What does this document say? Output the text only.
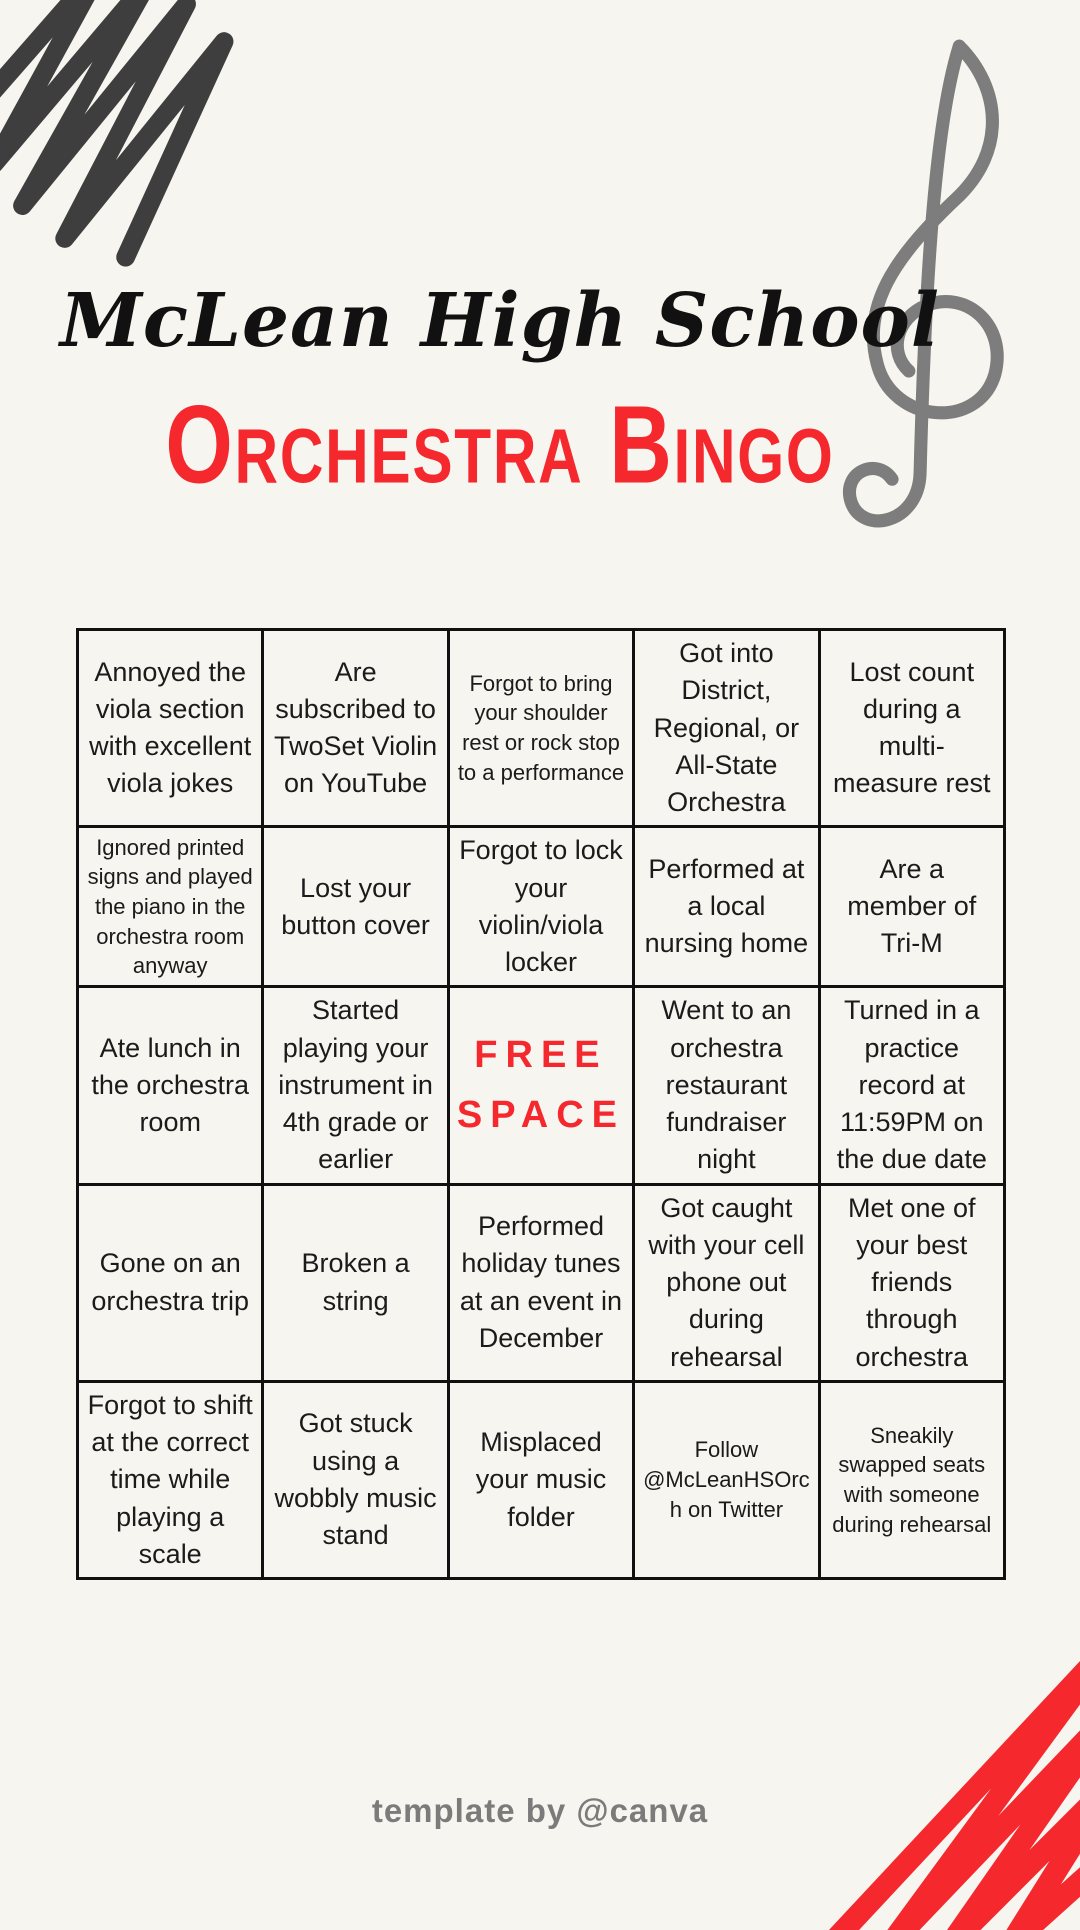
McLean High School
Orchestra Bingo
Annoyed the viola section with excellent viola jokes	Are subscribed to TwoSet Violin on YouTube	Forgot to bring your shoulder rest or rock stop to a performance	Got into District, Regional, or All-State Orchestra	Lost count during a multi-measure rest
Ignored printed signs and played the piano in the orchestra room anyway	Lost your button cover	Forgot to lock your violin/viola locker	Performed at a local nursing home	Are a member of Tri-M
Ate lunch in the orchestra room	Started playing your instrument in 4th grade or earlier	FREE SPACE	Went to an orchestra restaurant fundraiser night	Turned in a practice record at 11:59PM on the due date
Gone on an orchestra trip	Broken a string	Performed holiday tunes at an event in December	Got caught with your cell phone out during rehearsal	Met one of your best friends through orchestra
Forgot to shift at the correct time while playing a scale	Got stuck using a wobbly music stand	Misplaced your music folder	Follow @McLeanHSOrch on Twitter	Sneakily swapped seats with someone during rehearsal
template by @canva
